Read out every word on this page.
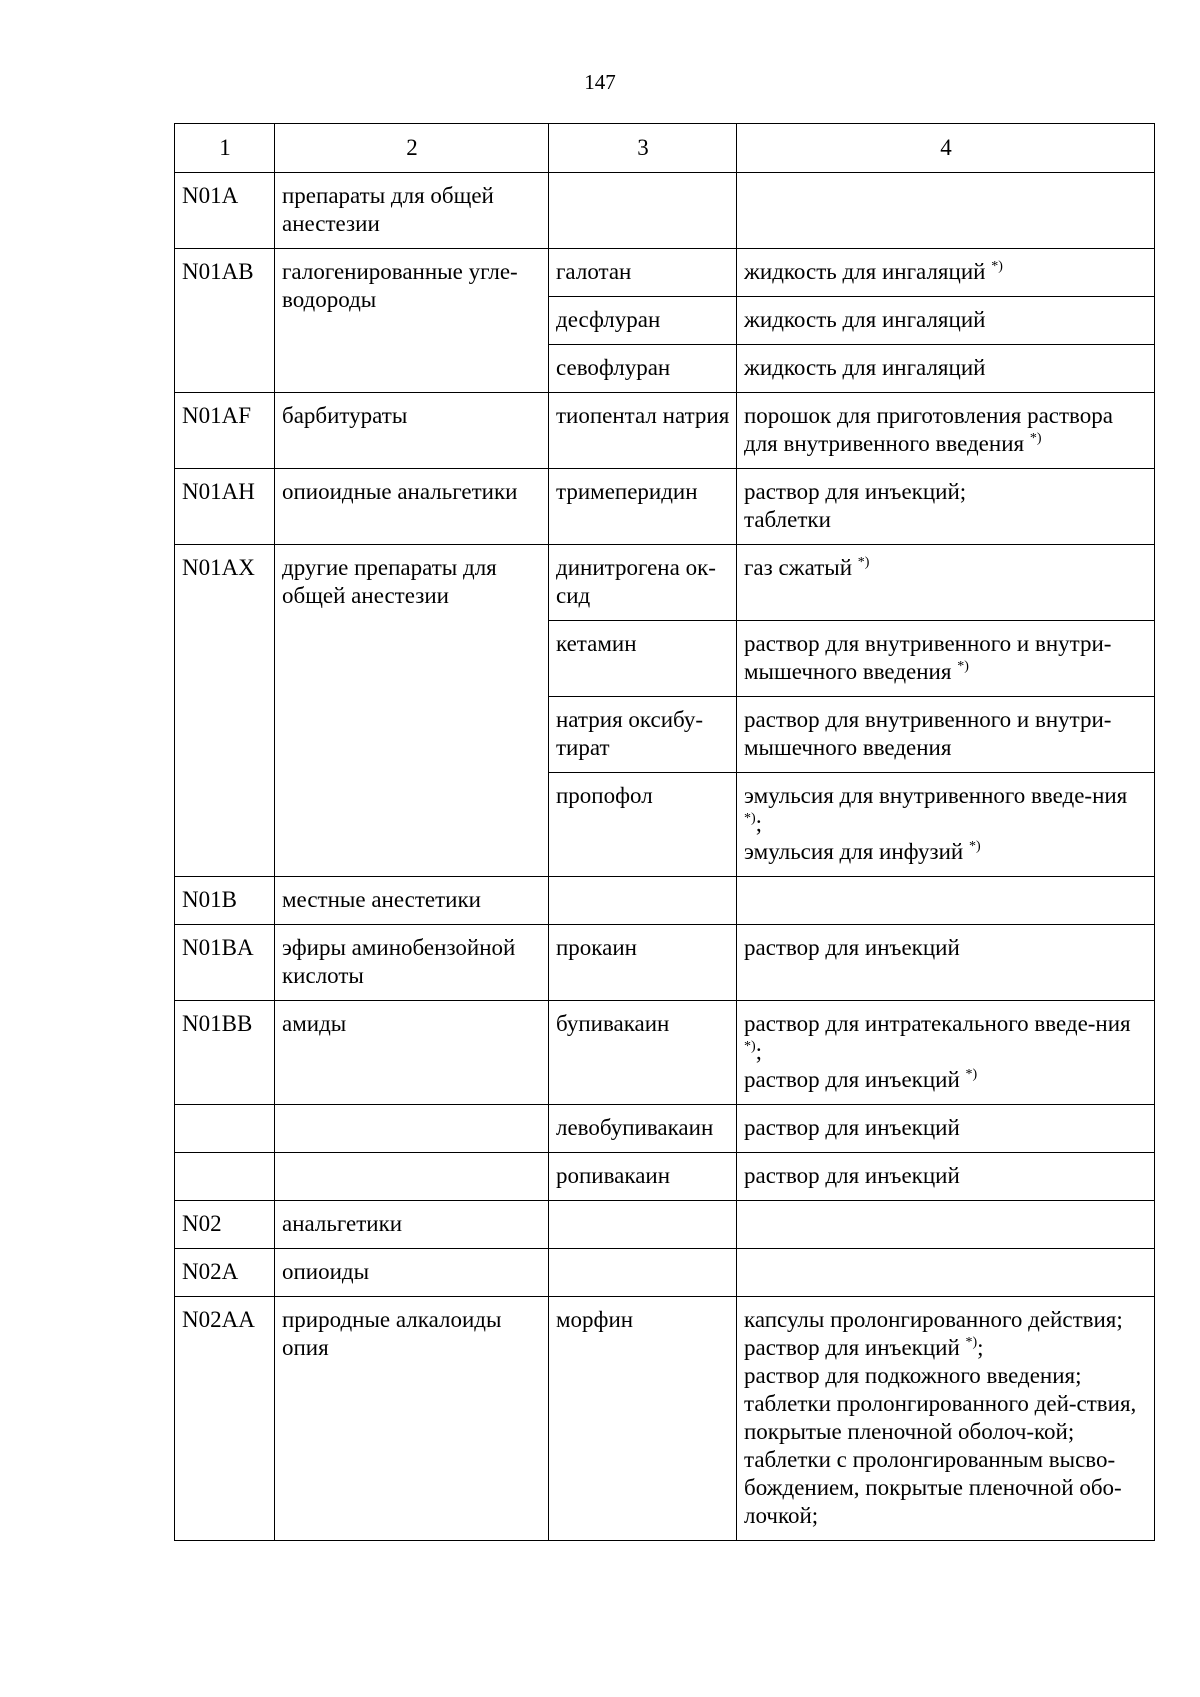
147
1	2	3	4
N01A	препараты для общей анестезии		
N01AB	галогенированные угле-водороды	галотан	жидкость для ингаляций *)

		десфлуран	жидкость для ингаляций

		севофлуран	жидкость для ингаляций

N01AF	барбитураты	тиопентал натрия	порошок для приготовления раствора для внутривенного введения *)

N01AH	опиоидные анальгетики	тримеперидин	раствор для инъекций;
таблетки

N01AX	другие препараты для общей анестезии	динитрогена ок-сид	газ сжатый *)

		кетамин	раствор для внутривенного и внутри-мышечного введения *)

		натрия оксибу-тират	раствор для внутривенного и внутри-мышечного введения

		пропофол	эмульсия для внутривенного введе-ния *);
эмульсия для инфузий *)

N01B	местные анестетики		
N01BA	эфиры аминобензойной кислоты	прокаин	раствор для инъекций

N01BB	амиды	бупивакаин	раствор для интратекального введе-ния *);
раствор для инъекций *)

		левобупивакаин	раствор для инъекций

		ропивакаин	раствор для инъекций

N02	анальгетики		
N02A	опиоиды		
N02AA	природные алкалоиды опия	морфин	капсулы пролонгированного действия;
раствор для инъекций *);
раствор для подкожного введения;
таблетки пролонгированного дей-ствия, покрытые пленочной оболоч-кой;
таблетки с пролонгированным высво-бождением, покрытые пленочной обо-лочкой;
